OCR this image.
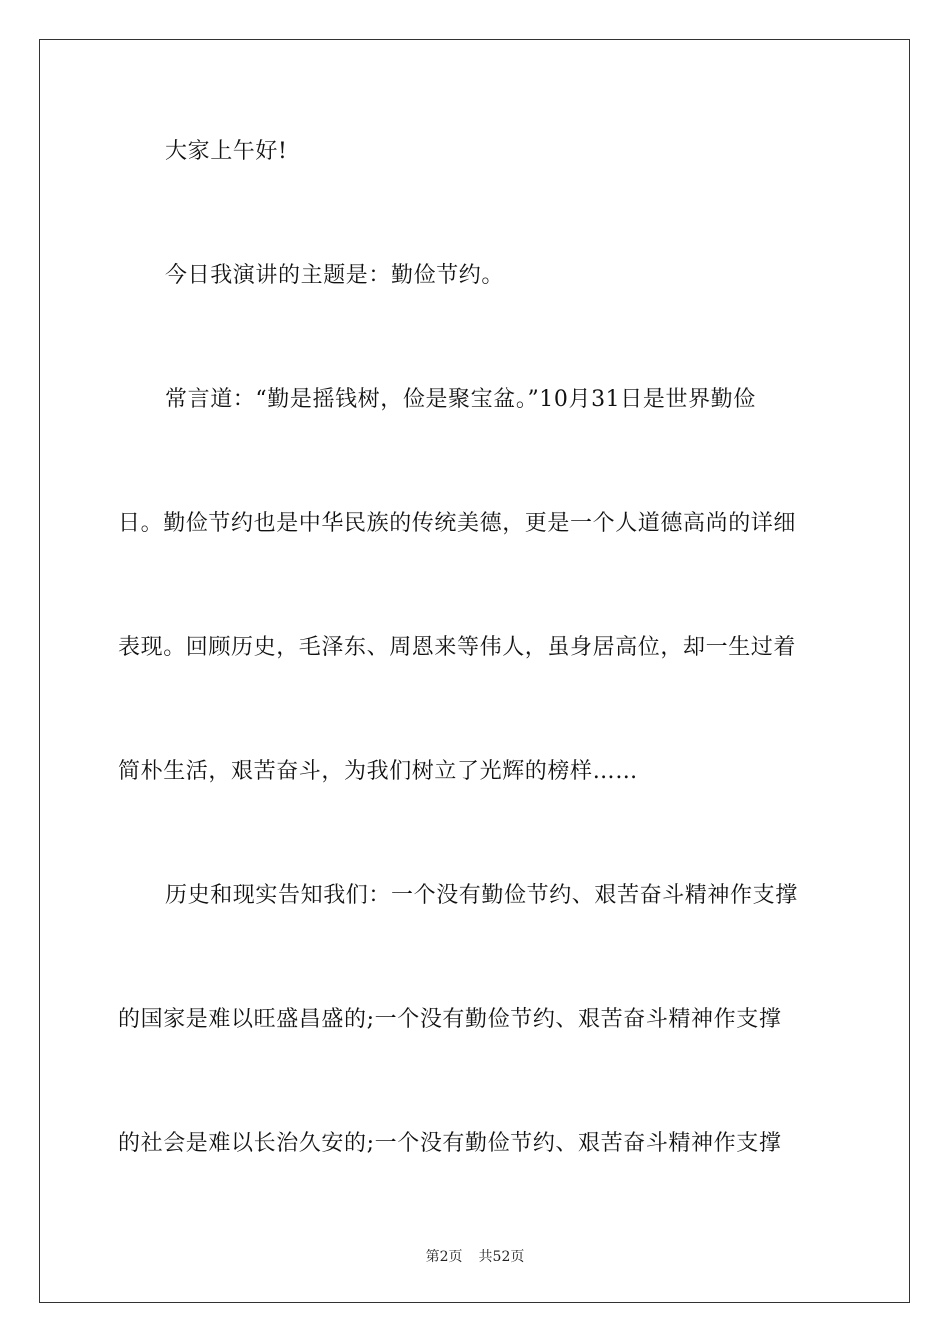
大家上午好!
今日我演讲的主题是：勤俭节约。
常言道：“勤是摇钱树，俭是聚宝盆。”10月31日是世界勤俭
日。勤俭节约也是中华民族的传统美德，更是一个人道德高尚的详细
表现。回顾历史，毛泽东、周恩来等伟人，虽身居高位，却一生过着
简朴生活，艰苦奋斗，为我们树立了光辉的榜样……
历史和现实告知我们：一个没有勤俭节约、艰苦奋斗精神作支撑
的国家是难以旺盛昌盛的;一个没有勤俭节约、艰苦奋斗精神作支撑
的社会是难以长治久安的;一个没有勤俭节约、艰苦奋斗精神作支撑
第2页 共52页
